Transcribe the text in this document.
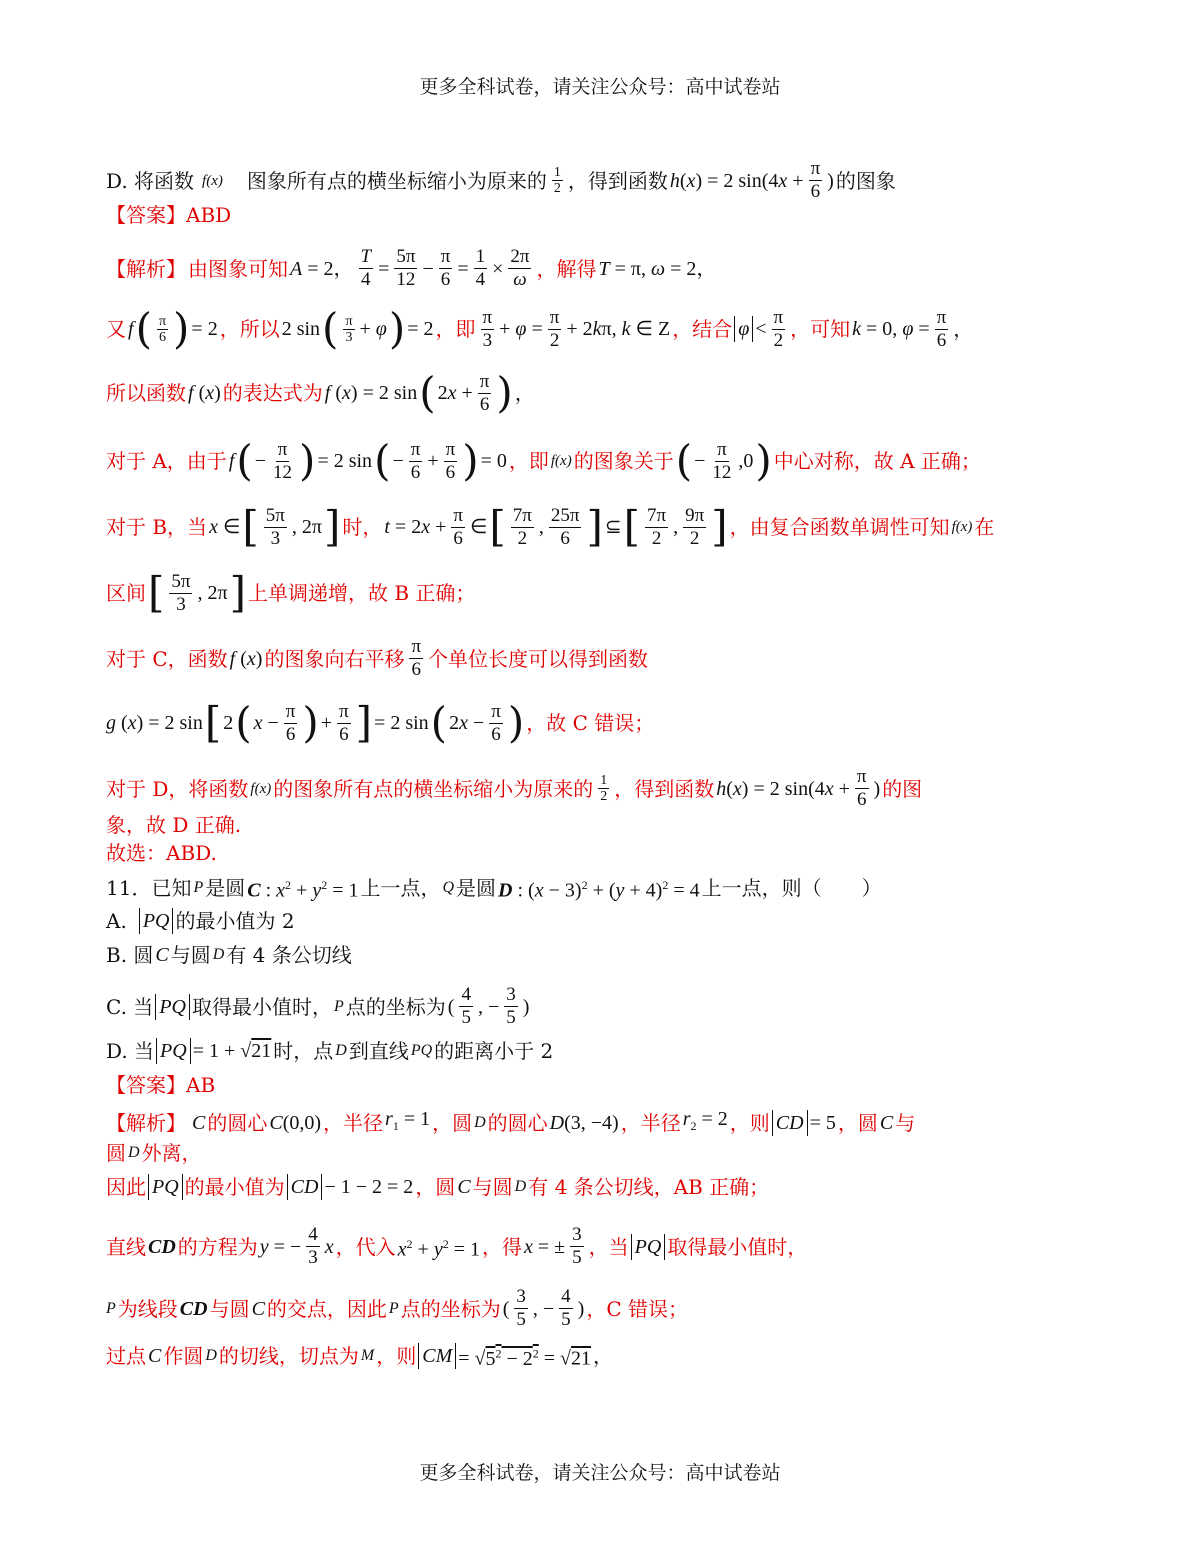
更多全科试卷，请关注公众号：高中试卷站
D. 将函数 f(x) 图象所有点的横坐标缩小为原来的 $\frac{1}{2}$ ，得到函数 h(x) = 2 $\sin(4x + \frac{\pi}{6}$ ) 的图象
【答案】ABD
【解析】 由图象可知 A = 2， $\frac{T}{4} = \frac{5\pi}{12} - \frac{\pi}{6} = \frac{1}{4} \times \frac{2\pi}{\omega}$ ，解得 T = π, ω = 2，
又 f ( $\frac{\pi}{6}$ ) = 2 ，所以 2 sin ( $\frac{\pi}{3} + \varphi$ ) = 2 ，即 $\frac{\pi}{3} + \varphi = \frac{\pi}{2} + 2k\pi$, k ∈ Z ，结合 $\varphi < \frac{\pi}{2}$ ，可知 k = 0, $\varphi = \frac{\pi}{6}$ ，
所以函数 f (x) 的表达式为 f (x) = 2 sin ( $2x + \frac{\pi}{6}$ ) ，
对于 A，由于 f ( − $\frac{\pi}{12}$ ) = 2 sin ( − $\frac{\pi}{6} + \frac{\pi}{6}$ ) = 0 ，即 f(x) 的图象关于 ( − $\frac{\pi}{12} ,0$ ) 中心对称，故 A 正确；
对于 B，当 x ∈ [ $\frac{5\pi}{3}$ , 2π ] 时， $t = 2x + \frac{\pi}{6}$ ∈ [ $\frac{7\pi}{2}$ , $\frac{25\pi}{6}$ ] ⊆ [ $\frac{7\pi}{2}$ , $\frac{9\pi}{2}$ ] ，由复合函数单调性可知 f(x) 在
区间 [ $\frac{5\pi}{3}$ , 2π ] 上单调递增，故 B 正确；
对于 C，函数 f (x) 的图象向右平移 $\frac{\pi}{6}$ 个单位长度可以得到函数
g (x) = 2 sin [ 2 ( $x - \frac{\pi}{6}$ ) + $\frac{\pi}{6}$ ] = 2 sin ( $2x - \frac{\pi}{6}$ ) ，故 C 错误；
对于 D，将函数 f(x) 的图象所有点的横坐标缩小为原来的 $\frac{1}{2}$ ，得到函数 h(x) = 2 $\sin(4x + \frac{\pi}{6}$ ) 的图
象，故 D 正确.
故选：ABD.
11．已知 P 是圆 C : $x^2 + y^2 = 1$ 上一点， Q 是圆 D : $(x - 3)^2 + (y + 4)^2 = 4$ 上一点，则（　　）
A. PQ 的最小值为 2
B. 圆 C 与圆 D 有 4 条公切线
C. 当 PQ 取得最小值时， P 点的坐标为 ( $\frac{4}{5}$ , − $\frac{3}{5}$ )
D. 当 PQ = 1 + √21 时，点 D 到直线 PQ 的距离小于 2
【答案】AB
【解析】 C 的圆心 C(0,0) ，半径 $r_1 = 1$ ，圆 D 的圆心 D(3, −4) ，半径 $r_2 = 2$ ，则 CD = 5 ，圆 C 与
圆 D 外离，
因此 PQ 的最小值为 CD − 1 − 2 = 2 ，圆 C 与圆 D 有 4 条公切线，AB 正确；
直线 CD 的方程为 y = − $\frac{4}{3}$ x ，代入 $x^2 + y^2 = 1$ ，得 x = ± $\frac{3}{5}$ ，当 PQ 取得最小值时，
P 为线段 CD 与圆 C 的交点，因此 P 点的坐标为 ( $\frac{3}{5}$ , − $\frac{4}{5}$ ) ，C 错误；
过点 C 作圆 D 的切线，切点为 M ，则 CM = $√5^2 - 2^2 = √21$ ，
更多全科试卷，请关注公众号：高中试卷站
